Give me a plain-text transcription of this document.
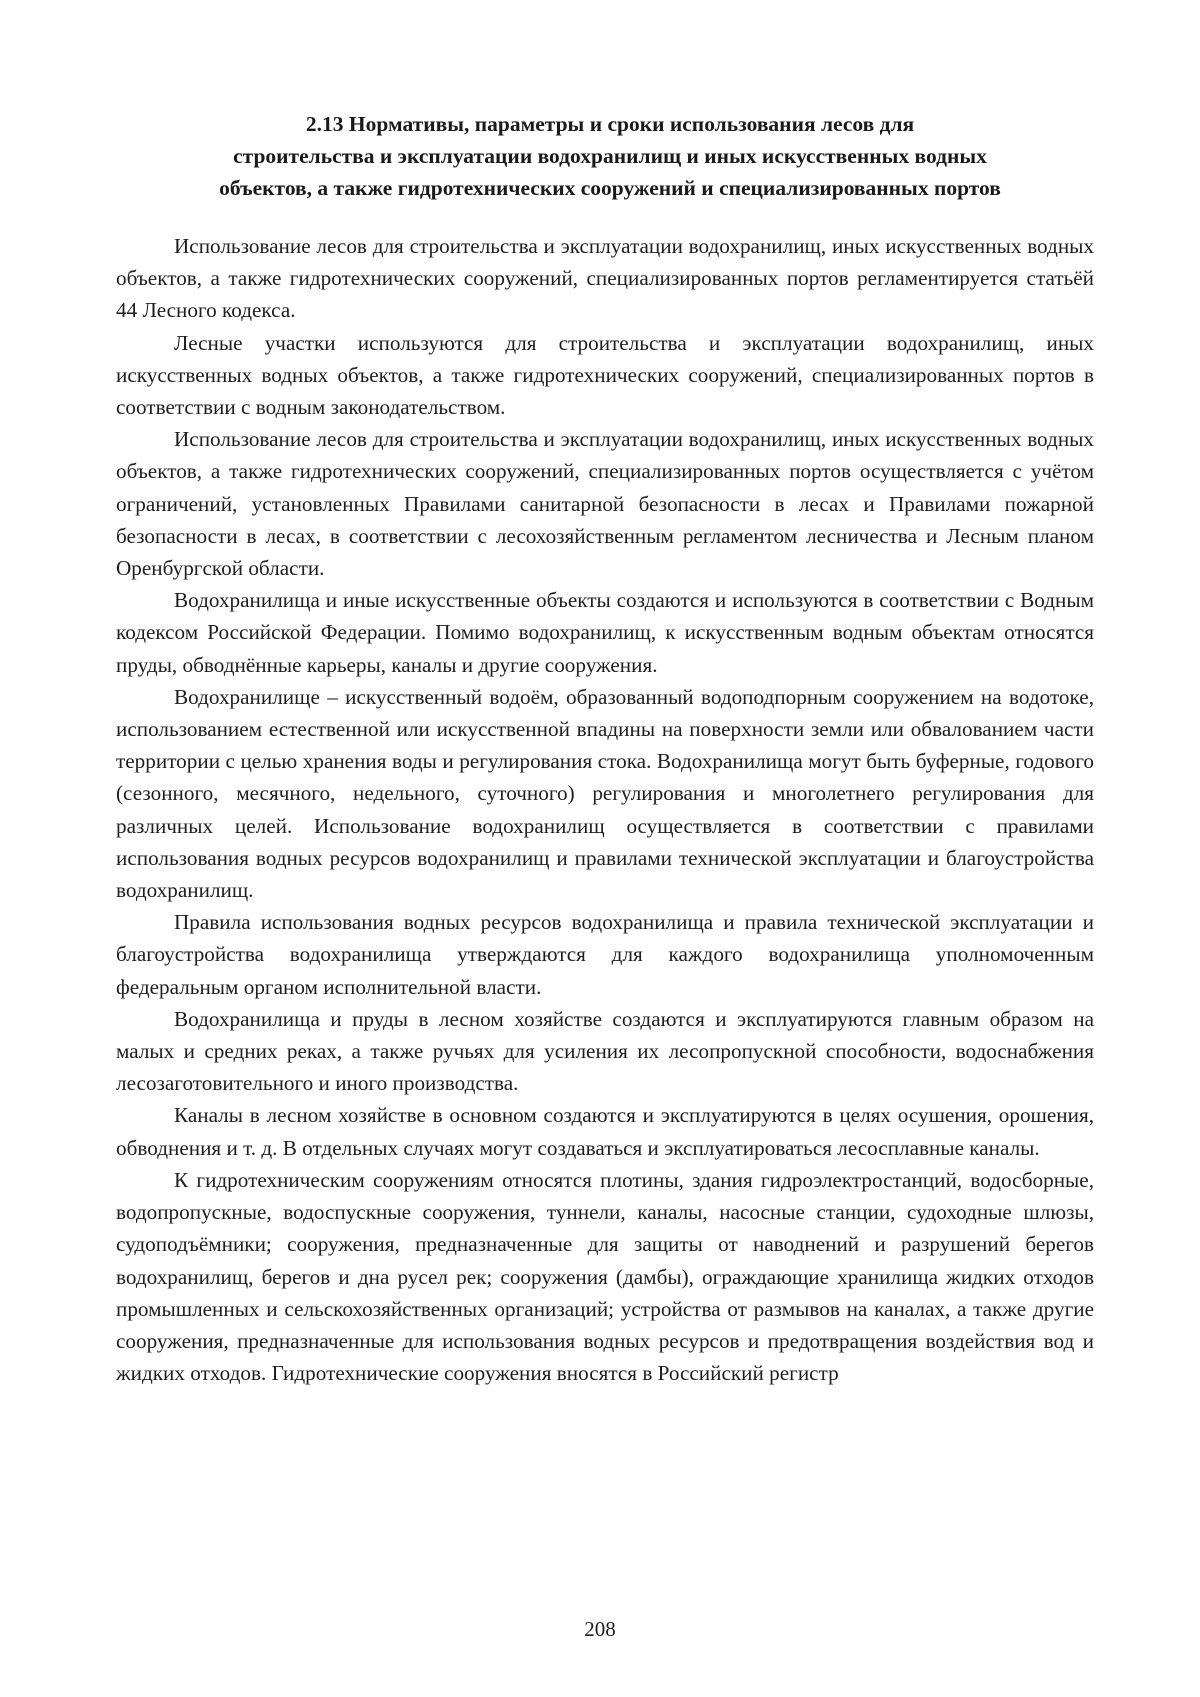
2.13 Нормативы, параметры и сроки использования лесов для
строительства и эксплуатации водохранилищ и иных искусственных водных
объектов, а также гидротехнических сооружений и специализированных портов

Использование лесов для строительства и эксплуатации водохранилищ, иных искусственных водных объектов, а также гидротехнических сооружений, специализированных портов регламентируется статьёй 44 Лесного кодекса.

Лесные участки используются для строительства и эксплуатации водохранилищ, иных искусственных водных объектов, а также гидротехнических сооружений, специализированных портов в соответствии с водным законодательством.

Использование лесов для строительства и эксплуатации водохранилищ, иных искусственных водных объектов, а также гидротехнических сооружений, специализированных портов осуществляется с учётом ограничений, установленных Правилами санитарной безопасности в лесах и Правилами пожарной безопасности в лесах, в соответствии с лесохозяйственным регламентом лесничества и Лесным планом Оренбургской области.

Водохранилища и иные искусственные объекты создаются и используются в соответствии с Водным кодексом Российской Федерации. Помимо водохранилищ, к искусственным водным объектам относятся пруды, обводнённые карьеры, каналы и другие сооружения.

Водохранилище – искусственный водоём, образованный водоподпорным сооружением на водотоке, использованием естественной или искусственной впадины на поверхности земли или обвалованием части территории с целью хранения воды и регулирования стока. Водохранилища могут быть буферные, годового (сезонного, месячного, недельного, суточного) регулирования и многолетнего регулирования для различных целей. Использование водохранилищ осуществляется в соответствии с правилами использования водных ресурсов водохранилищ и правилами технической эксплуатации и благоустройства водохранилищ.

Правила использования водных ресурсов водохранилища и правила технической эксплуатации и благоустройства водохранилища утверждаются для каждого водохранилища уполномоченным федеральным органом исполнительной власти.

Водохранилища и пруды в лесном хозяйстве создаются и эксплуатируются главным образом на малых и средних реках, а также ручьях для усиления их лесопропускной способности, водоснабжения лесозаготовительного и иного производства.

Каналы в лесном хозяйстве в основном создаются и эксплуатируются в целях осушения, орошения, обводнения и т. д. В отдельных случаях могут создаваться и эксплуатироваться лесосплавные каналы.

К гидротехническим сооружениям относятся плотины, здания гидроэлектростанций, водосборные, водопропускные, водоспускные сооружения, туннели, каналы, насосные станции, судоходные шлюзы, судоподъёмники; сооружения, предназначенные для защиты от наводнений и разрушений берегов водохранилищ, берегов и дна русел рек; сооружения (дамбы), ограждающие хранилища жидких отходов промышленных и сельскохозяйственных организаций; устройства от размывов на каналах, а также другие сооружения, предназначенные для использования водных ресурсов и предотвращения воздействия вод и жидких отходов. Гидротехнические сооружения вносятся в Российский регистр

208
